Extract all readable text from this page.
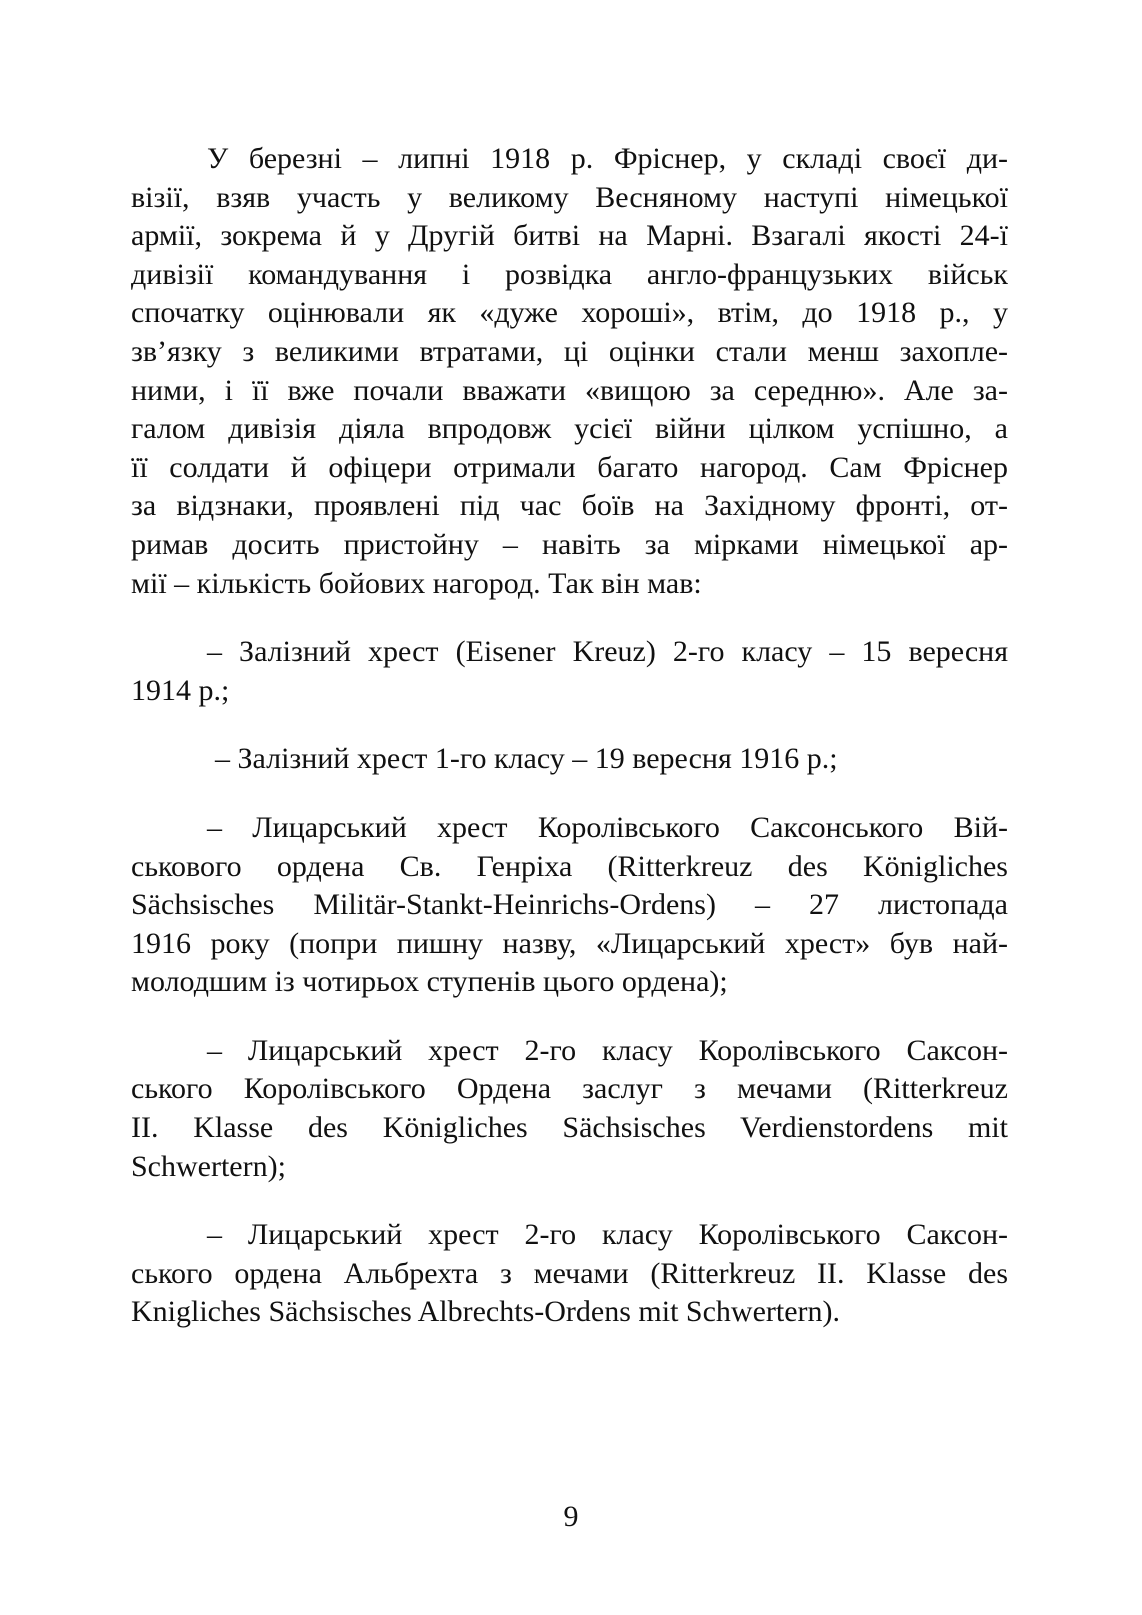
У березні – липні 1918 р. Фріснер, у складі своєї ди-
візії, взяв участь у великому Весняному наступі німецької
армії, зокрема й у Другій битві на Марні. Взагалі якості 24-ї
дивізії командування і розвідка англо-французьких військ
спочатку оцінювали як «дуже хороші», втім, до 1918 р., у
зв’язку з великими втратами, ці оцінки стали менш захопле-
ними, і її вже почали вважати «вищою за середню». Але за-
галом дивізія діяла впродовж усієї війни цілком успішно, а
її солдати й офіцери отримали багато нагород. Сам Фріснер
за відзнаки, проявлені під час боїв на Західному фронті, от-
римав досить пристойну – навіть за мірками німецької ар-
мії – кількість бойових нагород. Так він мав:

– Залізний хрест (Eisener Kreuz) 2-го класу – 15 вересня
1914 р.;

– Залізний хрест 1-го класу – 19 вересня 1916 р.;

– Лицарський хрест Королівського Саксонського Вій-
ськового ордена Св. Генріха (Ritterkreuz des Königliches
Sächsisches Militär-Stankt-Heinrichs-Ordens) – 27 листопада
1916 року (попри пишну назву, «Лицарський хрест» був най-
молодшим із чотирьох ступенів цього ордена);

– Лицарський хрест 2-го класу Королівського Саксон-
ського Королівського Ордена заслуг з мечами (Ritterkreuz
II. Klasse des Königliches Sächsisches Verdienstordens mit
Schwertern);

– Лицарський хрест 2-го класу Королівського Саксон-
ського ордена Альбрехта з мечами (Ritterkreuz II. Klasse des
Knigliches Sächsisches Albrechts-Ordens mit Schwertern).

9
